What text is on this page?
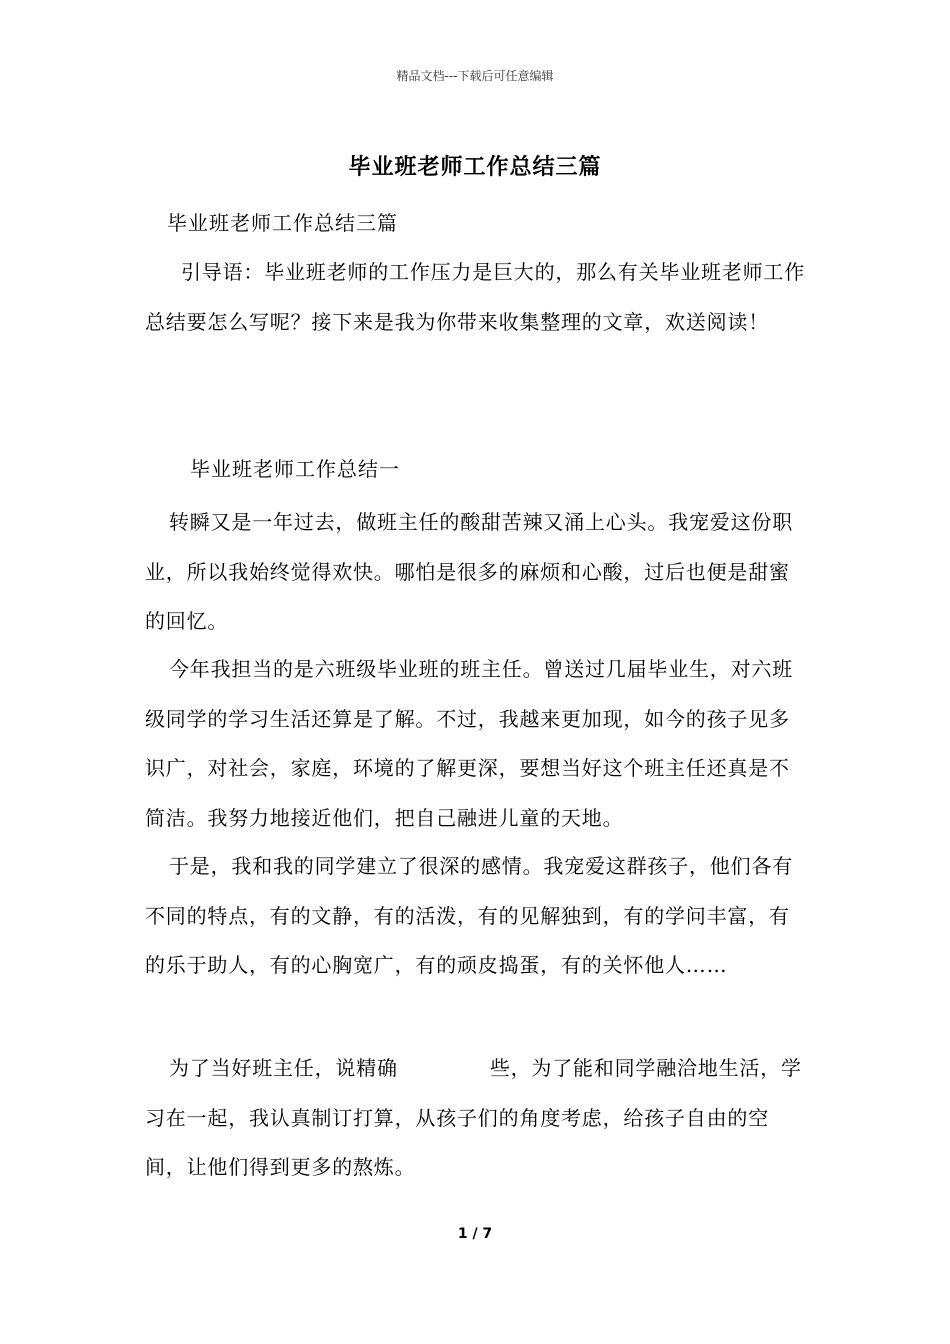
精品文档---下载后可任意编辑
毕业班老师工作总结三篇
毕业班老师工作总结三篇
引导语：毕业班老师的工作压力是巨大的，那么有关毕业班老师工作总结要怎么写呢？接下来是我为你带来收集整理的文章，欢送阅读！
毕业班老师工作总结一
转瞬又是一年过去，做班主任的酸甜苦辣又涌上心头。我宠爱这份职业，所以我始终觉得欢快。哪怕是很多的麻烦和心酸，过后也便是甜蜜的回忆。
今年我担当的是六班级毕业班的班主任。曾送过几届毕业生，对六班级同学的学习生活还算是了解。不过，我越来更加现，如今的孩子见多识广，对社会，家庭，环境的了解更深，要想当好这个班主任还真是不简洁。我努力地接近他们，把自己融进儿童的天地。
于是，我和我的同学建立了很深的感情。我宠爱这群孩子，他们各有不同的特点，有的文静，有的活泼，有的见解独到，有的学问丰富，有的乐于助人，有的心胸宽广，有的顽皮捣蛋，有的关怀他人……
为了当好班主任，说精确	些，为了能和同学融洽地生活，学习在一起，我认真制订打算，从孩子们的角度考虑，给孩子自由的空间，让他们得到更多的熬炼。
1 / 7
